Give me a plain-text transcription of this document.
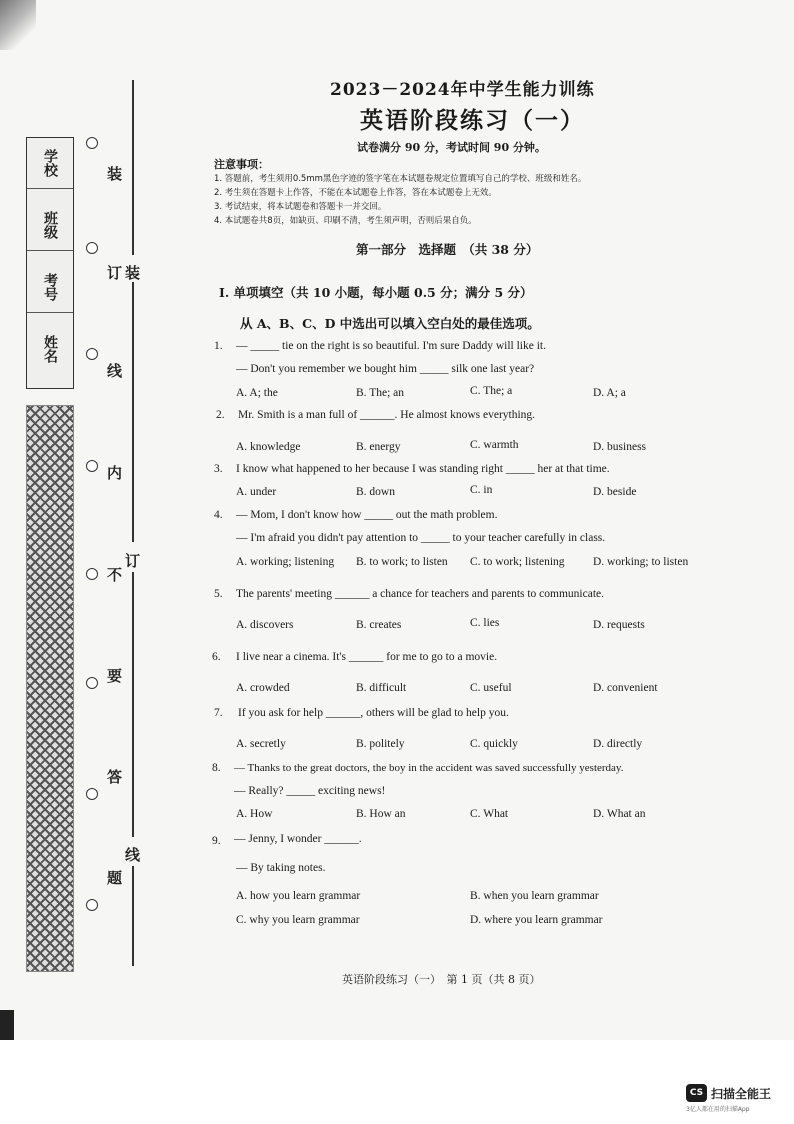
学校
班级
考号
姓名
装
订
线
内
不
要
答
题
装
订
线
2023－2024年中学生能力训练
英语阶段练习（一）
试卷满分 90 分，考试时间 90 分钟。
注意事项：
1. 答题前，考生须用0.5mm黑色字迹的签字笔在本试题卷规定位置填写自己的学校、班级和姓名。
2. 考生须在答题卡上作答，不能在本试题卷上作答，答在本试题卷上无效。
3. 考试结束，将本试题卷和答题卡一并交回。
4. 本试题卷共8页，如缺页、印刷不清，考生须声明，否则后果自负。
第一部分　选择题　（共 38 分）
Ⅰ. 单项填空（共 10 小题，每小题 0.5 分；满分 5 分）
从 A、B、C、D 中选出可以填入空白处的最佳选项。
1. — _____ tie on the right is so beautiful. I'm sure Daddy will like it.
— Don't you remember we bought him _____ silk one last year?
A. A; the	B. The; an	C. The; a	D. A; a
2. Mr. Smith is a man full of ______. He almost knows everything.
A. knowledge	B. energy	C. warmth	D. business
3. I know what happened to her because I was standing right _____ her at that time.
A. under	B. down	C. in	D. beside
4. — Mom, I don't know how _____ out the math problem.
— I'm afraid you didn't pay attention to _____ to your teacher carefully in class.
A. working; listening B. to work; to listen C. to work; listening D. working; to listen
5. The parents' meeting ______ a chance for teachers and parents to communicate.
A. discovers	B. creates	C. lies	D. requests
6. I live near a cinema. It's ______ for me to go to a movie.
A. crowded	B. difficult	C. useful	D. convenient
7. If you ask for help ______, others will be glad to help you.
A. secretly	B. politely	C. quickly	D. directly
8. — Thanks to the great doctors, the boy in the accident was saved successfully yesterday.
— Really? _____ exciting news!
A. How	B. How an	C. What	D. What an
9. — Jenny, I wonder ______.
— By taking notes.
A. how you learn grammar	B. when you learn grammar
C. why you learn grammar	D. where you learn grammar
英语阶段练习（一）　第 1 页（共 8 页）
CS 扫描全能王
3亿人都在用的扫描App
